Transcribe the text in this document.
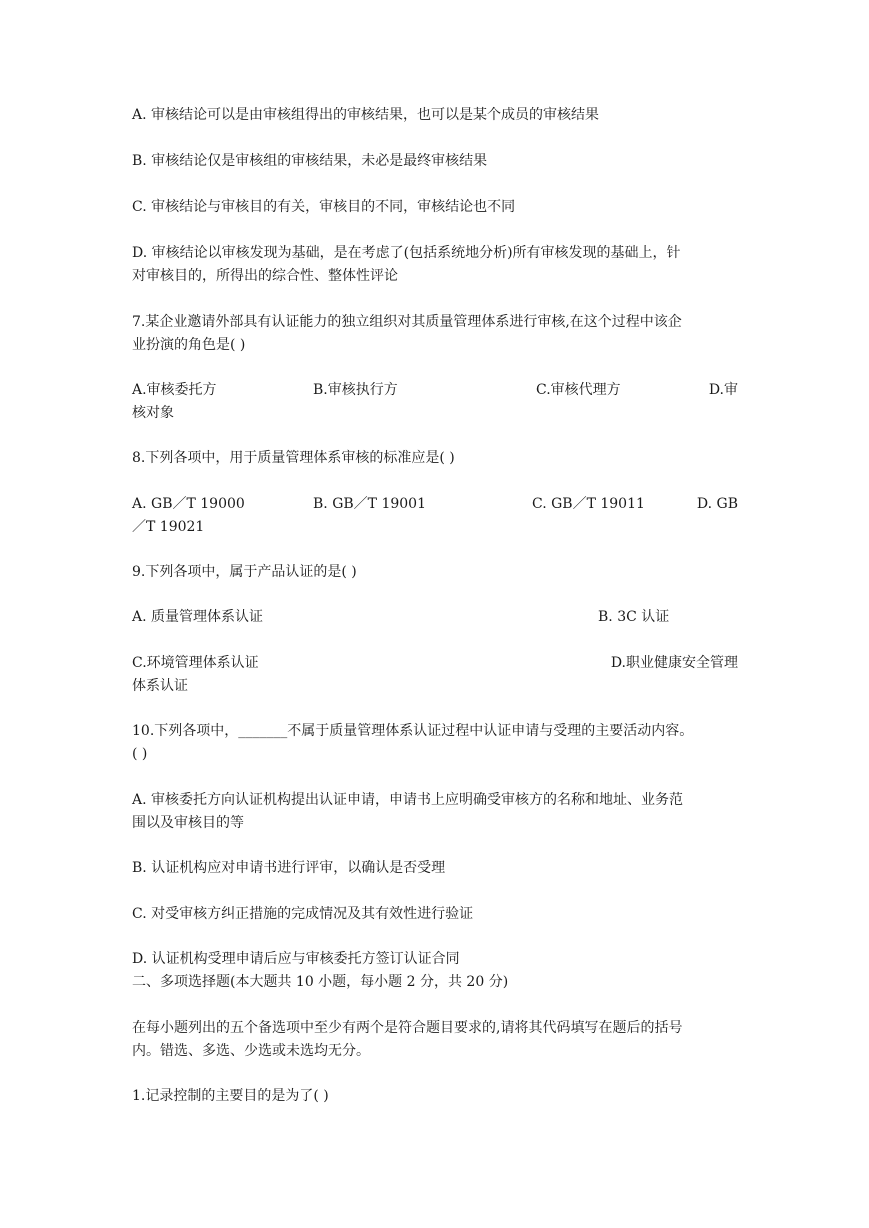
A. 审核结论可以是由审核组得出的审核结果，也可以是某个成员的审核结果
B. 审核结论仅是审核组的审核结果，未必是最终审核结果
C. 审核结论与审核目的有关，审核目的不同，审核结论也不同
D. 审核结论以审核发现为基础，是在考虑了(包括系统地分析)所有审核发现的基础上，针
对审核目的，所得出的综合性、整体性评论
7.某企业邀请外部具有认证能力的独立组织对其质量管理体系进行审核,在这个过程中该企
业扮演的角色是( )
A.审核委托方	B.审核执行方	C.审核代理方	D.审
核对象
8.下列各项中，用于质量管理体系审核的标准应是( )
A. GB／T 19000	B. GB／T 19001	C. GB／T 19011	D. GB
／T 19021
9.下列各项中，属于产品认证的是( )
A. 质量管理体系认证	B. 3C 认证
C.环境管理体系认证	D.职业健康安全管理
体系认证
10.下列各项中，_______不属于质量管理体系认证过程中认证申请与受理的主要活动内容。
( )
A. 审核委托方向认证机构提出认证申请，申请书上应明确受审核方的名称和地址、业务范
围以及审核目的等
B. 认证机构应对申请书进行评审，以确认是否受理
C. 对受审核方纠正措施的完成情况及其有效性进行验证
D. 认证机构受理申请后应与审核委托方签订认证合同
二、多项选择题(本大题共 10 小题，每小题 2 分，共 20 分)
在每小题列出的五个备选项中至少有两个是符合题目要求的,请将其代码填写在题后的括号
内。错选、多选、少选或未选均无分。
1.记录控制的主要目的是为了( )
